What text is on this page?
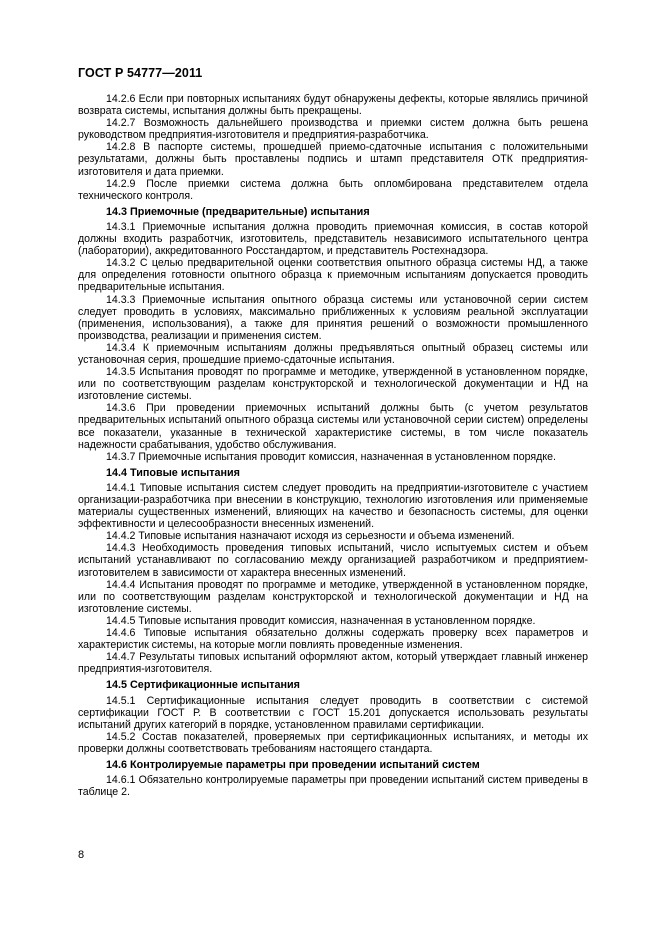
ГОСТ Р 54777—2011

14.2.6 Если при повторных испытаниях будут обнаружены дефекты, которые являлись причиной возврата системы, испытания должны быть прекращены.

14.2.7 Возможность дальнейшего производства и приемки систем должна быть решена руководством предприятия-изготовителя и предприятия-разработчика.

14.2.8 В паспорте системы, прошедшей приемо-сдаточные испытания с положительными результатами, должны быть проставлены подпись и штамп представителя ОТК предприятия-изготовителя и дата приемки.

14.2.9 После приемки система должна быть опломбирована представителем отдела технического контроля.

14.3 Приемочные (предварительные) испытания

14.3.1 Приемочные испытания должна проводить приемочная комиссия, в состав которой должны входить разработчик, изготовитель, представитель независимого испытательного центра (лаборатории), аккредитованного Росстандартом, и представитель Ростехнадзора.

14.3.2 С целью предварительной оценки соответствия опытного образца системы НД, а также для определения готовности опытного образца к приемочным испытаниям допускается проводить предварительные испытания.

14.3.3 Приемочные испытания опытного образца системы или установочной серии систем следует проводить в условиях, максимально приближенных к условиям реальной эксплуатации (применения, использования), а также для принятия решений о возможности промышленного производства, реализации и применения систем.

14.3.4 К приемочным испытаниям должны предъявляться опытный образец системы или установочная серия, прошедшие приемо-сдаточные испытания.

14.3.5 Испытания проводят по программе и методике, утвержденной в установленном порядке, или по соответствующим разделам конструкторской и технологической документации и НД на изготовление системы.

14.3.6 При проведении приемочных испытаний должны быть (с учетом результатов предварительных испытаний опытного образца системы или установочной серии систем) определены все показатели, указанные в технической характеристике системы, в том числе показатель надежности срабатывания, удобство обслуживания.

14.3.7 Приемочные испытания проводит комиссия, назначенная в установленном порядке.

14.4 Типовые испытания

14.4.1 Типовые испытания систем следует проводить на предприятии-изготовителе с участием организации-разработчика при внесении в конструкцию, технологию изготовления или применяемые материалы существенных изменений, влияющих на качество и безопасность системы, для оценки эффективности и целесообразности внесенных изменений.

14.4.2 Типовые испытания назначают исходя из серьезности и объема изменений.

14.4.3 Необходимость проведения типовых испытаний, число испытуемых систем и объем испытаний устанавливают по согласованию между организацией разработчиком и предприятием-изготовителем в зависимости от характера внесенных изменений.

14.4.4 Испытания проводят по программе и методике, утвержденной в установленном порядке, или по соответствующим разделам конструкторской и технологической документации и НД на изготовление системы.

14.4.5 Типовые испытания проводит комиссия, назначенная в установленном порядке.

14.4.6 Типовые испытания обязательно должны содержать проверку всех параметров и характеристик системы, на которые могли повлиять проведенные изменения.

14.4.7 Результаты типовых испытаний оформляют актом, который утверждает главный инженер предприятия-изготовителя.

14.5 Сертификационные испытания

14.5.1 Сертификационные испытания следует проводить в соответствии с системой сертификации ГОСТ Р. В соответствии с ГОСТ 15.201 допускается использовать результаты испытаний других категорий в порядке, установленном правилами сертификации.

14.5.2 Состав показателей, проверяемых при сертификационных испытаниях, и методы их проверки должны соответствовать требованиям настоящего стандарта.

14.6 Контролируемые параметры при проведении испытаний систем

14.6.1 Обязательно контролируемые параметры при проведении испытаний систем приведены в таблице 2.

8
